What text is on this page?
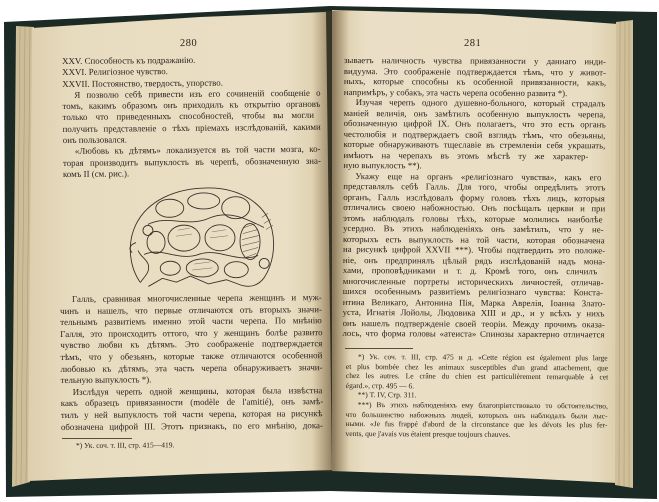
280	281
XXV. Способность къ подражанію.
XXVI. Религіозное чувство.
XXVII. Постоянство, твердость, упорство.
Я позволю себѣ привести изъ его сочиненій сообщеніе о
томъ, какимъ образомъ онъ приходилъ къ открытію органовъ
только что приведенныхъ способностей, чтобы вы могли
получить представленіе о тѣхъ пріемахъ изслѣдованій, какими
онъ пользовался.
«Любовь къ дѣтямъ» локализуется въ той части мозга, ко-
торая производитъ выпуклость въ черепѣ, обозначенную зна-
комъ II (см. рис.).
Галль, сравнивая многочисленные черепа женщинъ и муж-
чинъ и нашелъ, что первые отличаются отъ вторыхъ значи-
тельнымъ развитіемъ именно этой части черепа. По мнѣнію
Галля, это происходитъ оттого, что у женщинъ болѣе развито
чувство любви къ дѣтямъ. Это соображеніе подтверждается
тѣмъ, что у обезьянъ, которые также отличаются особенной
любовью къ дѣтямъ, эта часть черепа обнаруживаетъ значи-
тельную выпуклость *).
Изслѣдуя черепъ одной женщины, которая была извѣстна
какъ образецъ привязанности (modèle de l'amitié), онъ замѣ-
тилъ у ней выпуклость той части черепа, которая на рисункѣ
обозначена цифрой III. Этотъ признакъ, по его мнѣнію, дока-
*) Ук. соч. т. III, стр. 415—419.
зываетъ наличность чувства привязанности у даннаго инди-
видуума. Это соображеніе подтверждается тѣмъ, что у живот-
ныхъ, которые способны къ особенной привязанности, какъ,
напримѣръ, у собакъ, эта часть черепа особенно развита *).
Изучая черепъ одного душевно-больного, который страдалъ
маніей величія, онъ замѣтилъ особенную выпуклость черепа,
обозначенную цифрой IX. Онъ полагаетъ, что это есть органъ
честолюбія и подтверждаетъ свой взглядъ тѣмъ, что обезьяны,
которые обнаруживаютъ тщеславіе въ стремленіи себя украшать,
имѣютъ на черепахъ въ этомъ мѣстѣ ту же характер-
ную выпуклость **).
Укажу еще на органъ «религіознаго чувства», какъ его
представлялъ себѣ Галль. Для того, чтобы опредѣлить этотъ
органъ, Галль изслѣдовалъ форму головъ тѣхъ лицъ, которыя
отличались своею набожностью. Онъ посѣщалъ церкви и при
этомъ наблюдалъ головы тѣхъ, которые молились наиболѣе
усердно. Въ этихъ наблюденіяхъ онъ замѣтилъ, что у не-
которыхъ есть выпуклость на той части, которая обозначена
на рисункѣ цифрой XXVII ***). Чтобы подтвердить это положе-
ніе, онъ предпринялъ цѣлый рядъ изслѣдованій надъ мона-
хами, проповѣдниками и т. д. Кромѣ того, онъ сличилъ
многочисленные портреты историческихъ личностей, отличав-
шихся особеннымъ развитіемъ религіознаго чувства: Конста-
нтина Великаго, Антонина Пія, Марка Аврелія, Іоанна Злато-
уста, Игнатія Лойолы, Людовика XIII и др., и у всѣхъ у нихъ
онъ нашелъ подтвержденіе своей теоріи. Между прочимъ оказа-
лось, что форма головы «атеиста» Спинозы характерно отличается
*) Ук. соч. т. III, стр. 475 и д. «Cette région est également plus large
et plus bombée chez les animaux susceptibles d'un grand attachement, que
chez les autres. Le crâne du chien est particulièrement remarquable à cet
égard.», стр. 495 — 6.
**) Т. IV, Стр. 311.
***) Въ этихъ наблюденіяхъ ему благопріятствовало то обстоятельство,
что большинство набожныхъ людей, которыхъ онъ наблюдалъ были лыс-
ными. «Je fus frappé d'abord de la circonstance que les dévots les plus fer-
vents, que j'avais vus étaient presque toujours chauves.
